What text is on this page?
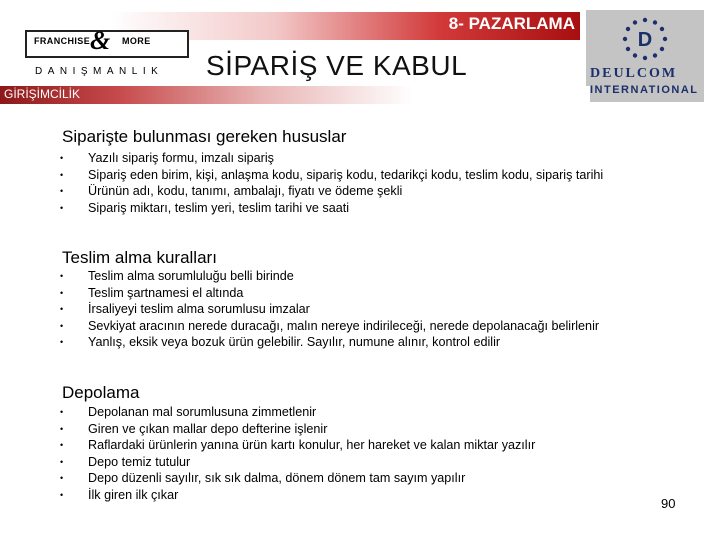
8- PAZARLAMA
SİPARİŞ VE KABUL
FRANCHISE & MORE
DANIŞMANLIK
D
DEULCOM
INTERNATIONAL
GİRİŞİMCİLİK
Siparişte bulunması gereken hususlar
• Yazılı sipariş formu, imzalı sipariş
• Sipariş eden birim, kişi, anlaşma kodu, sipariş kodu, tedarikçi kodu, teslim kodu, sipariş tarihi
• Ürünün adı, kodu, tanımı, ambalajı, fiyatı ve ödeme şekli
• Sipariş miktarı, teslim yeri, teslim tarihi ve saati
Teslim alma kuralları
• Teslim alma sorumluluğu belli birinde
• Teslim şartnamesi el altında
• İrsaliyeyi teslim alma sorumlusu imzalar
• Sevkiyat aracının nerede duracağı, malın nereye indirileceği, nerede depolanacağı belirlenir
• Yanlış, eksik veya bozuk ürün gelebilir. Sayılır, numune alınır, kontrol edilir
Depolama
• Depolanan mal sorumlusuna zimmetlenir
• Giren ve çıkan mallar depo defterine işlenir
• Raflardaki ürünlerin yanına ürün kartı konulur, her hareket ve kalan miktar yazılır
• Depo temiz tutulur
• Depo düzenli sayılır, sık sık dalma, dönem dönem tam sayım yapılır
• İlk giren ilk çıkar
90
